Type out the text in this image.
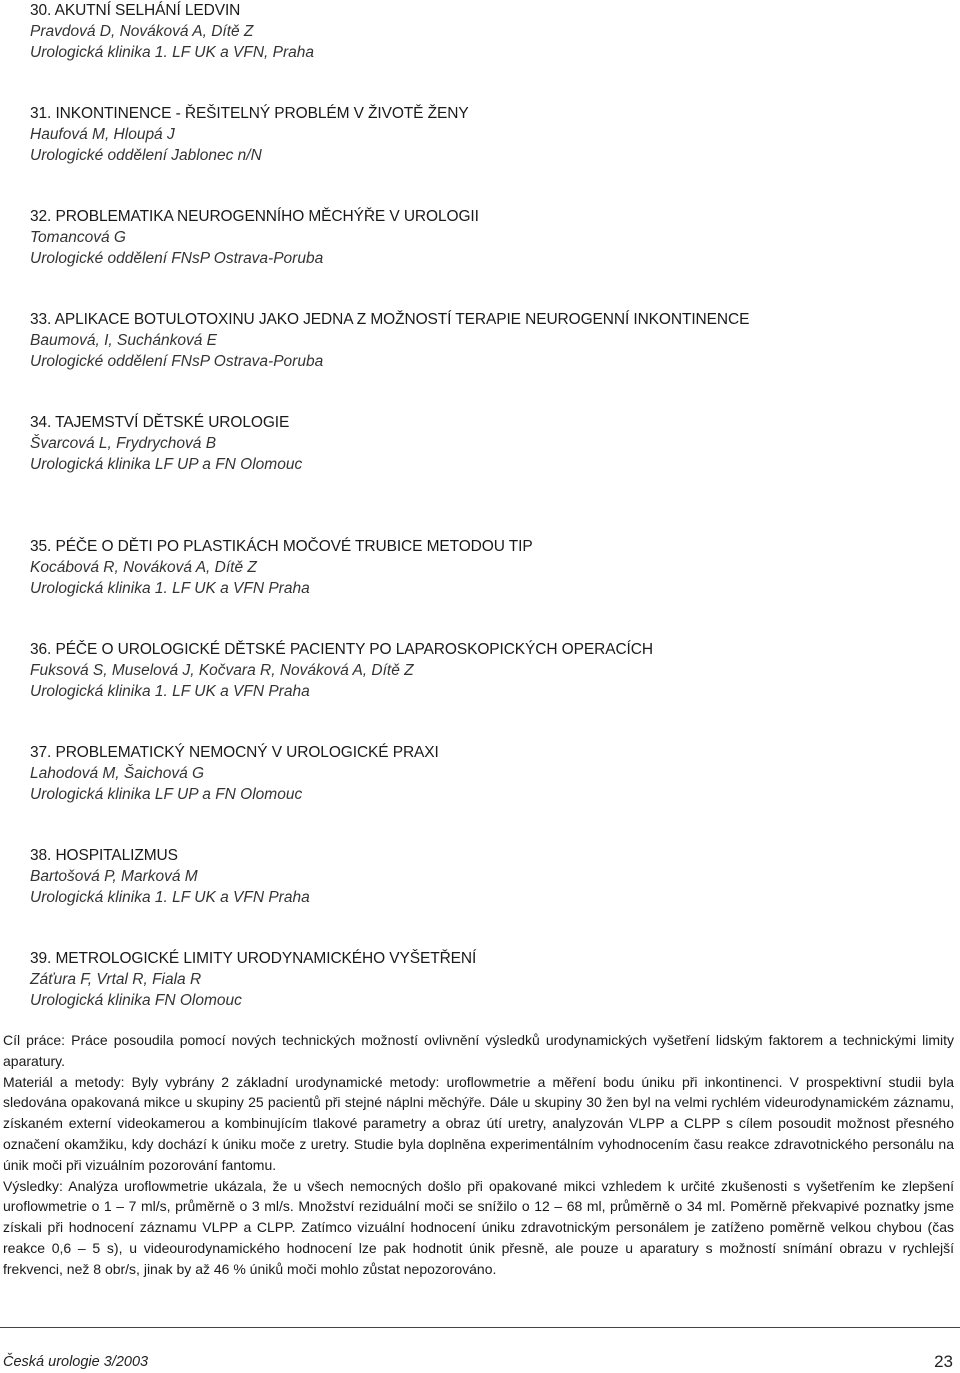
30. AKUTNÍ SELHÁNÍ LEDVIN
Pravdová D, Nováková A, Dítě Z
Urologická klinika 1. LF UK a VFN, Praha
31. INKONTINENCE - ŘEŠITELNÝ PROBLÉM V ŽIVOTĚ ŽENY
Haufová M, Hloupá J
Urologické oddělení Jablonec n/N
32. PROBLEMATIKA NEUROGENNÍHO MĚCHÝŘE V UROLOGII
Tomancová G
Urologické oddělení FNsP Ostrava-Poruba
33. APLIKACE BOTULOTOXINU JAKO JEDNA Z MOŽNOSTÍ TERAPIE NEUROGENNÍ INKONTINENCE
Baumová, I, Suchánková E
Urologické oddělení FNsP Ostrava-Poruba
34. TAJEMSTVÍ DĚTSKÉ UROLOGIE
Švarcová L, Frydrychová B
Urologická klinika LF UP a FN Olomouc
35. PÉČE O DĚTI PO PLASTIKÁCH MOČOVÉ TRUBICE METODOU TIP
Kocábová R, Nováková A, Dítě Z
Urologická klinika 1. LF UK a VFN Praha
36. PÉČE O UROLOGICKÉ DĚTSKÉ PACIENTY PO LAPAROSKOPICKÝCH OPERACÍCH
Fuksová S, Muselová J, Kočvara R, Nováková A, Dítě Z
Urologická klinika 1. LF UK a VFN Praha
37. PROBLEMATICKÝ NEMOCNÝ V UROLOGICKÉ PRAXI
Lahodová M, Šaichová G
Urologická klinika LF UP a FN Olomouc
38. HOSPITALIZMUS
Bartošová P, Marková M
Urologická klinika 1. LF UK a VFN Praha
39. METROLOGICKÉ LIMITY URODYNAMICKÉHO VYŠETŘENÍ
Záťura F, Vrtal R, Fiala R
Urologická klinika FN Olomouc

Cíl práce: Práce posoudila pomocí nových technických možností ovlivnění výsledků urodynamických vyšetření lidským faktorem a technickými limity aparatury.

Materiál a metody: Byly vybrány 2 základní urodynamické metody: uroflowmetrie a měření bodu úniku při inkontinenci. V prospektivní studii byla sledována opakovaná mikce u skupiny 25 pacientů při stejné náplni měchýře. Dále u skupiny 30 žen byl na velmi rychlém videurodynamickém záznamu, získaném externí videokamerou a kombinujícím tlakové parametry a obraz útí uretry, analyzován VLPP a CLPP s cílem posoudit možnost přesného označení okamžiku, kdy dochází k úniku moče z uretry. Studie byla doplněna experimentálním vyhodnocením času reakce zdravotnického personálu na únik moči při vizuálním pozorování fantomu.

Výsledky: Analýza uroflowmetrie ukázala, že u všech nemocných došlo při opakované mikci vzhledem k určité zkušenosti s vyšetřením ke zlepšení uroflowmetrie o 1 – 7 ml/s, průměrně o 3 ml/s. Množství reziduální moči se snížilo o 12 – 68 ml, průměrně o 34 ml. Poměrně překvapivé poznatky jsme získali při hodnocení záznamu VLPP a CLPP. Zatímco vizuální hodnocení úniku zdravotnickým personálem je zatíženo poměrně velkou chybou (čas reakce 0,6 – 5 s), u videourodynamického hodnocení lze pak hodnotit únik přesně, ale pouze u aparatury s možností snímání obrazu v rychlejší frekvenci, než 8 obr/s, jinak by až 46 % úniků moči mohlo zůstat nepozorováno.

Česká urologie 3/2003	23
